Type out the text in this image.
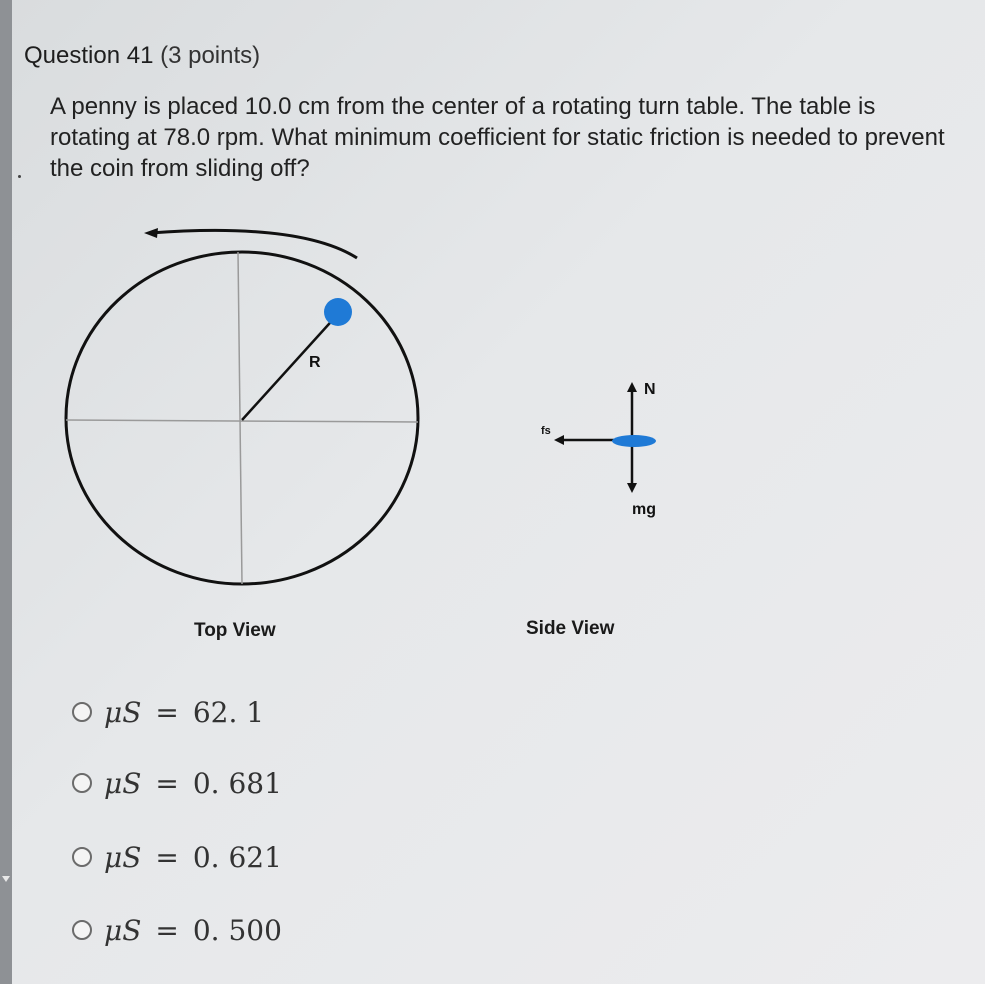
Question 41 (3 points)
A penny is placed 10.0 cm from the center of a rotating turn table. The table is rotating at 78.0 rpm. What minimum coefficient for static friction is needed to prevent the coin from sliding off?
R
N
mg
fs
Top View	Side View
μS = 62. 1
μS = 0. 681
μS = 0. 621
μS = 0. 500
